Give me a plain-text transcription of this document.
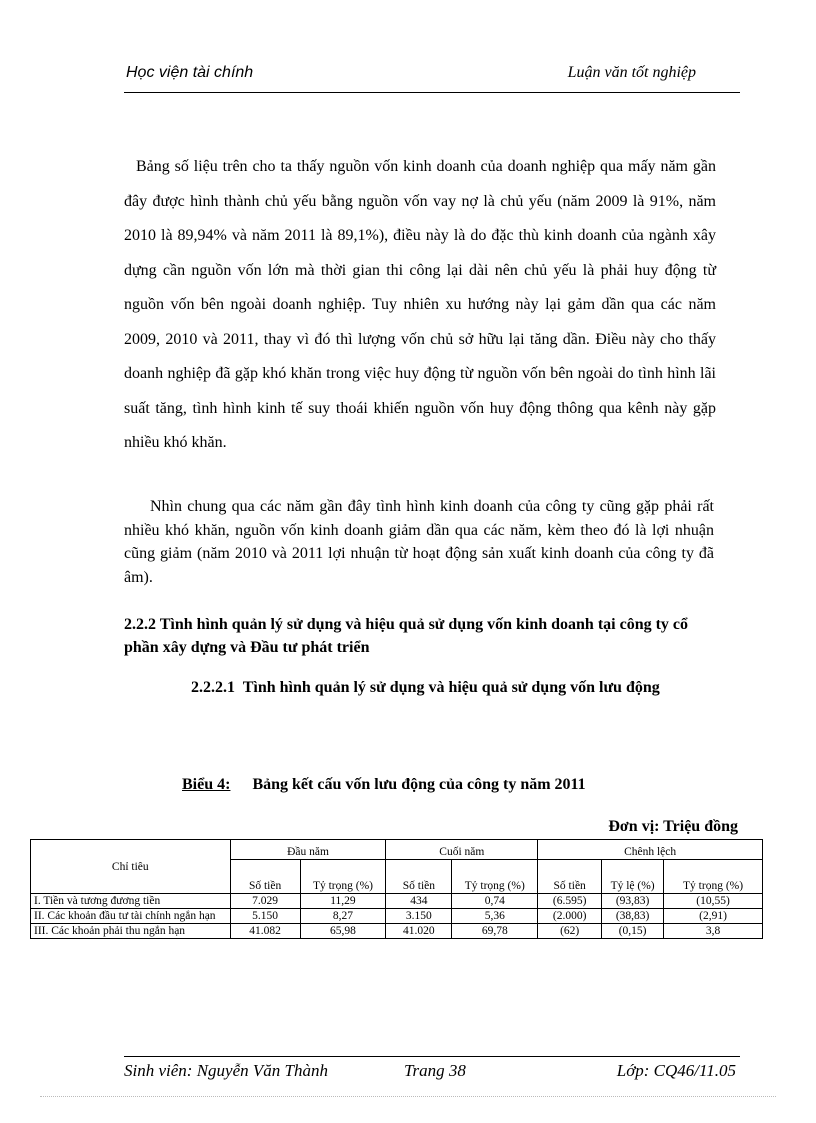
Học viện tài chính	Luận văn tốt nghiệp

Bảng số liệu trên cho ta thấy nguồn vốn kinh doanh của doanh nghiệp qua mấy năm gần đây được hình thành chủ yếu bằng nguồn vốn vay nợ là chủ yếu (năm 2009 là 91%, năm 2010 là 89,94% và năm 2011 là 89,1%), điều này là do đặc thù kinh doanh của ngành xây dựng cần nguồn vốn lớn mà thời gian thi công lại dài nên chủ yếu là phải huy động từ nguồn vốn bên ngoài doanh nghiệp. Tuy nhiên xu hướng này lại gảm dần qua các năm 2009, 2010 và 2011, thay vì đó thì lượng vốn chủ sở hữu lại tăng dần. Điều này cho thấy doanh nghiệp đã gặp khó khăn trong việc huy động từ nguồn vốn bên ngoài do tình hình lãi suất tăng, tình hình kinh tế suy thoái khiến nguồn vốn huy động thông qua kênh này gặp nhiều khó khăn.

Nhìn chung qua các năm gần đây tình hình kinh doanh của công ty cũng gặp phải rất nhiều khó khăn, nguồn vốn kinh doanh giảm dần qua các năm, kèm theo đó là lợi nhuận cũng giảm (năm 2010 và 2011 lợi nhuận từ hoạt động sản xuất kinh doanh của công ty đã âm).

2.2.2 Tình hình quản lý sử dụng và hiệu quả sử dụng vốn kinh doanh tại công ty cổ phần xây dựng và Đầu tư phát triển

2.2.2.1 Tình hình quản lý sử dụng và hiệu quả sử dụng vốn lưu động

Biểu 4: Bảng kết cấu vốn lưu động của công ty năm 2011
Đơn vị: Triệu đồng
Chỉ tiêu	Đầu năm		Cuối năm		Chênh lệch		
	Số tiền	Tỷ trọng (%)	Số tiền	Tỷ trọng (%)	Số tiền	Tỷ lệ (%)	Tỷ trọng (%)
I. Tiền và tương đương tiền	7.029	11,29	434	0,74	(6.595)	(93,83)	(10,55)
II. Các khoản đầu tư tài chính ngắn hạn	5.150	8,27	3.150	5,36	(2.000)	(38,83)	(2,91)
III. Các khoản phải thu ngắn hạn	41.082	65,98	41.020	69,78	(62)	(0,15)	3,8
Sinh viên: Nguyễn Văn Thành	Trang 38	Lớp: CQ46/11.05
